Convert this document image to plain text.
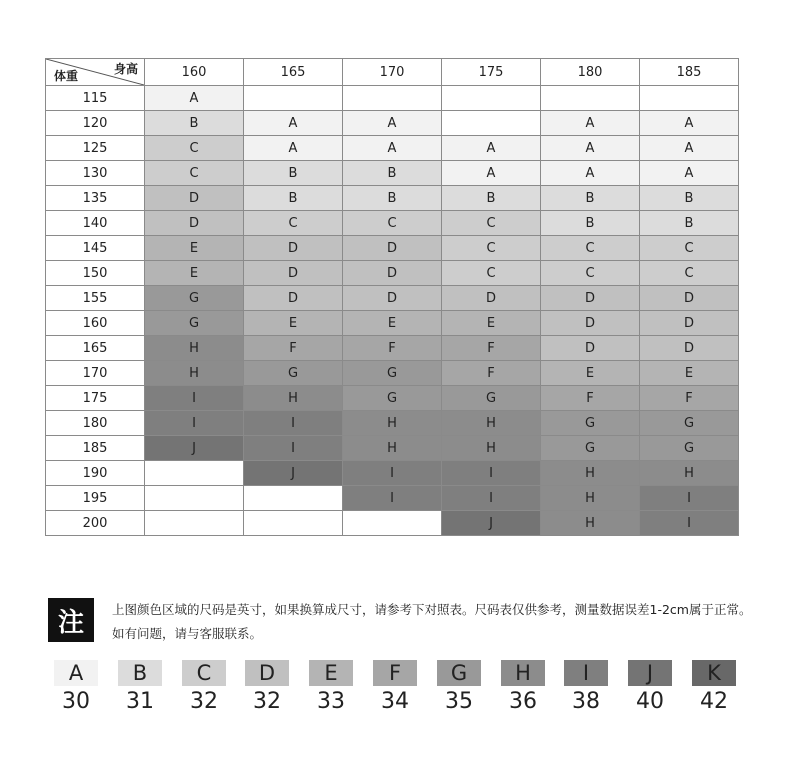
身高
体重	160	165	170	175	180	185
115	A					
120	B	A	A		A	A
125	C	A	A	A	A	A
130	C	B	B	A	A	A
135	D	B	B	B	B	B
140	D	C	C	C	B	B
145	E	D	D	C	C	C
150	E	D	D	C	C	C
155	G	D	D	D	D	D
160	G	E	E	E	D	D
165	H	F	F	F	D	D
170	H	G	G	F	E	E
175	I	H	G	G	F	F
180	I	I	H	H	G	G
185	J	I	H	H	G	G
190		J	I	I	H	H
195			I	I	H	I
200				J	H	I
注	上图颜色区域的尺码是英寸，如果换算成尺寸，请参考下对照表。尺码表仅供参考，测量数据误差1-2cm属于正常。如有问题，请与客服联系。
A
30
B
31
C
32
D
32
E
33
F
34
G
35
H
36
I
38
J
40
K
42
